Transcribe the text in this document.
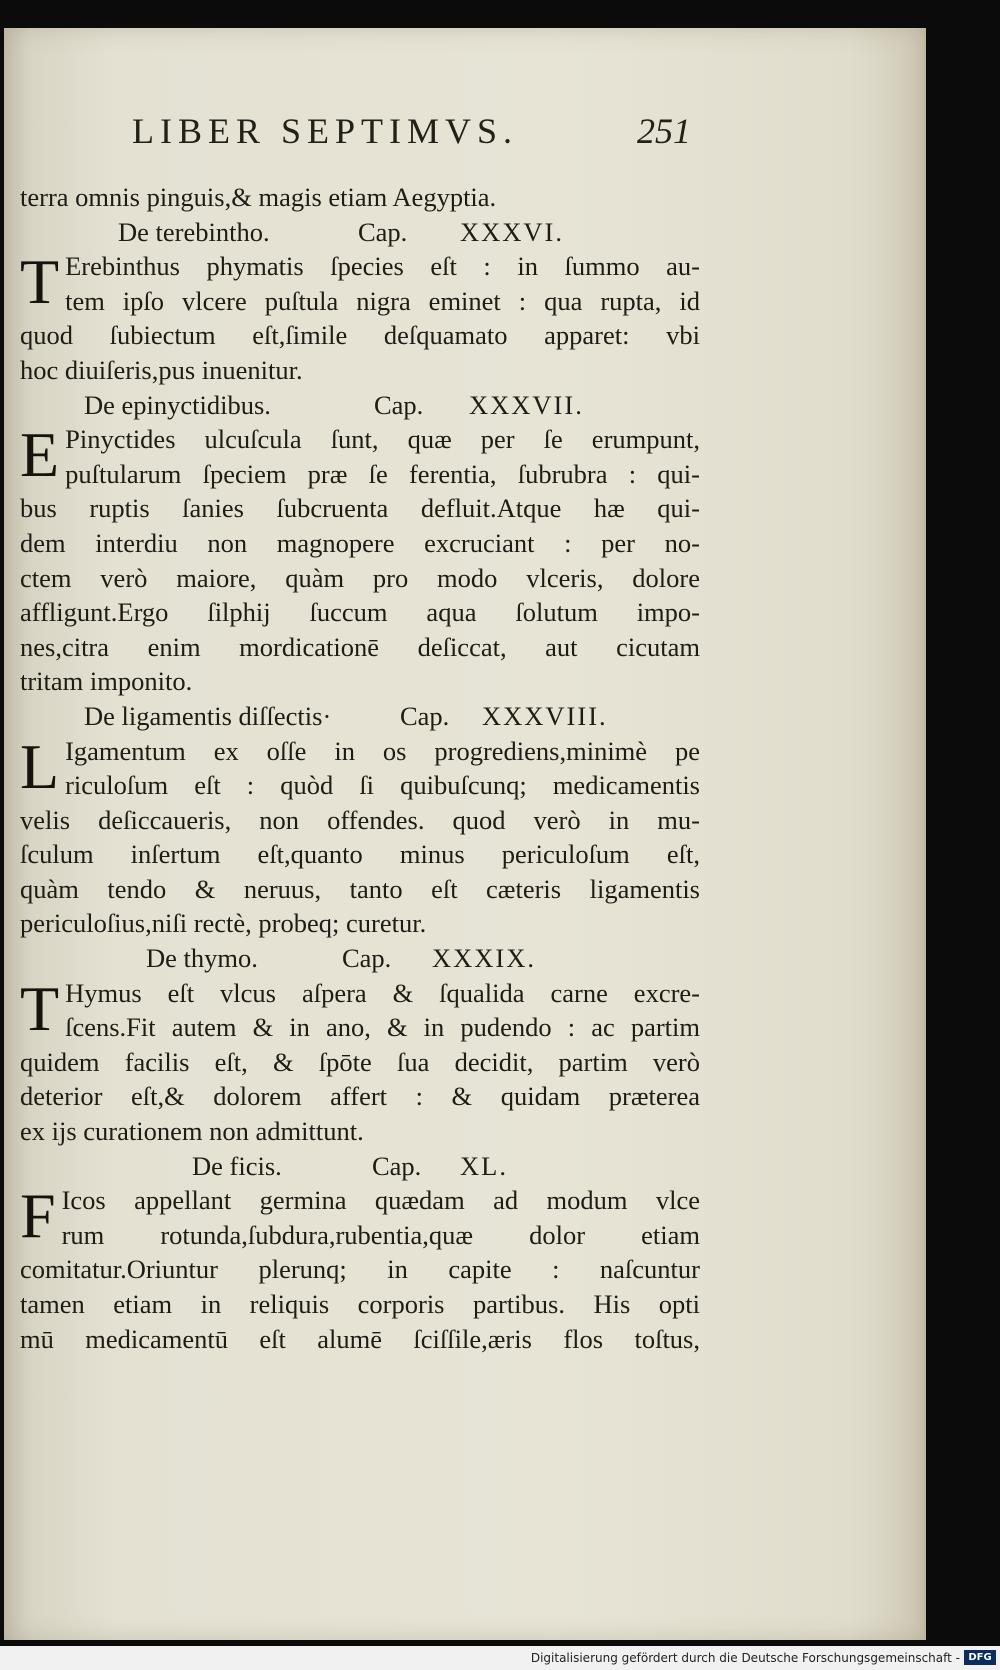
LIBER SEPTIMVS.	251
terra omnis pinguis,& magis etiam Aegyptia.
De terebintho.	Cap. XXXVI.
T Erebinthus phymatis ſpecies eſt : in ſummo au-
tem ipſo vlcere puſtula nigra eminet : qua rupta, id
quod ſubiectum eſt,ſimile deſquamato apparet: vbi
hoc diuiſeris,pus inuenitur.
De epinyctidibus.	Cap. XXXVII.
E Pinyctides ulcuſcula ſunt, quæ per ſe erumpunt,
puſtularum ſpeciem præ ſe ferentia, ſubrubra : qui-
bus ruptis ſanies ſubcruenta defluit.Atque hæ qui-
dem interdiu non magnopere excruciant : per no-
ctem verò maiore, quàm pro modo vlceris, dolore
affligunt.Ergo ſilphij ſuccum aqua ſolutum impo-
nes,citra enim mordicationē deſiccat, aut cicutam
tritam imponito.
De ligamentis diſſectis·	Cap. XXXVIII.
L Igamentum ex oſſe in os progrediens,minimè pe
riculoſum eſt : quòd ſi quibuſcunq; medicamentis
velis deſiccaueris, non offendes. quod verò in mu-
ſculum inſertum eſt,quanto minus periculoſum eſt,
quàm tendo & neruus, tanto eſt cæteris ligamentis
periculoſius,niſi rectè, probeq; curetur.
De thymo.	Cap. XXXIX.
T Hymus eſt vlcus aſpera & ſqualida carne excre-
ſcens.Fit autem & in ano, & in pudendo : ac partim
quidem facilis eſt, & ſpōte ſua decidit, partim verò
deterior eſt,& dolorem affert : & quidam præterea
ex ijs curationem non admittunt.
De ficis.	Cap. XL.
F Icos appellant germina quædam ad modum vlce
rum rotunda,ſubdura,rubentia,quæ dolor etiam
comitatur.Oriuntur plerunq; in capite : naſcuntur
tamen etiam in reliquis corporis partibus. His opti
mū medicamentū eſt alumē ſciſſile,æris flos toſtus,
Digitalisierung gefördert durch die Deutsche Forschungsgemeinschaft - DFG
